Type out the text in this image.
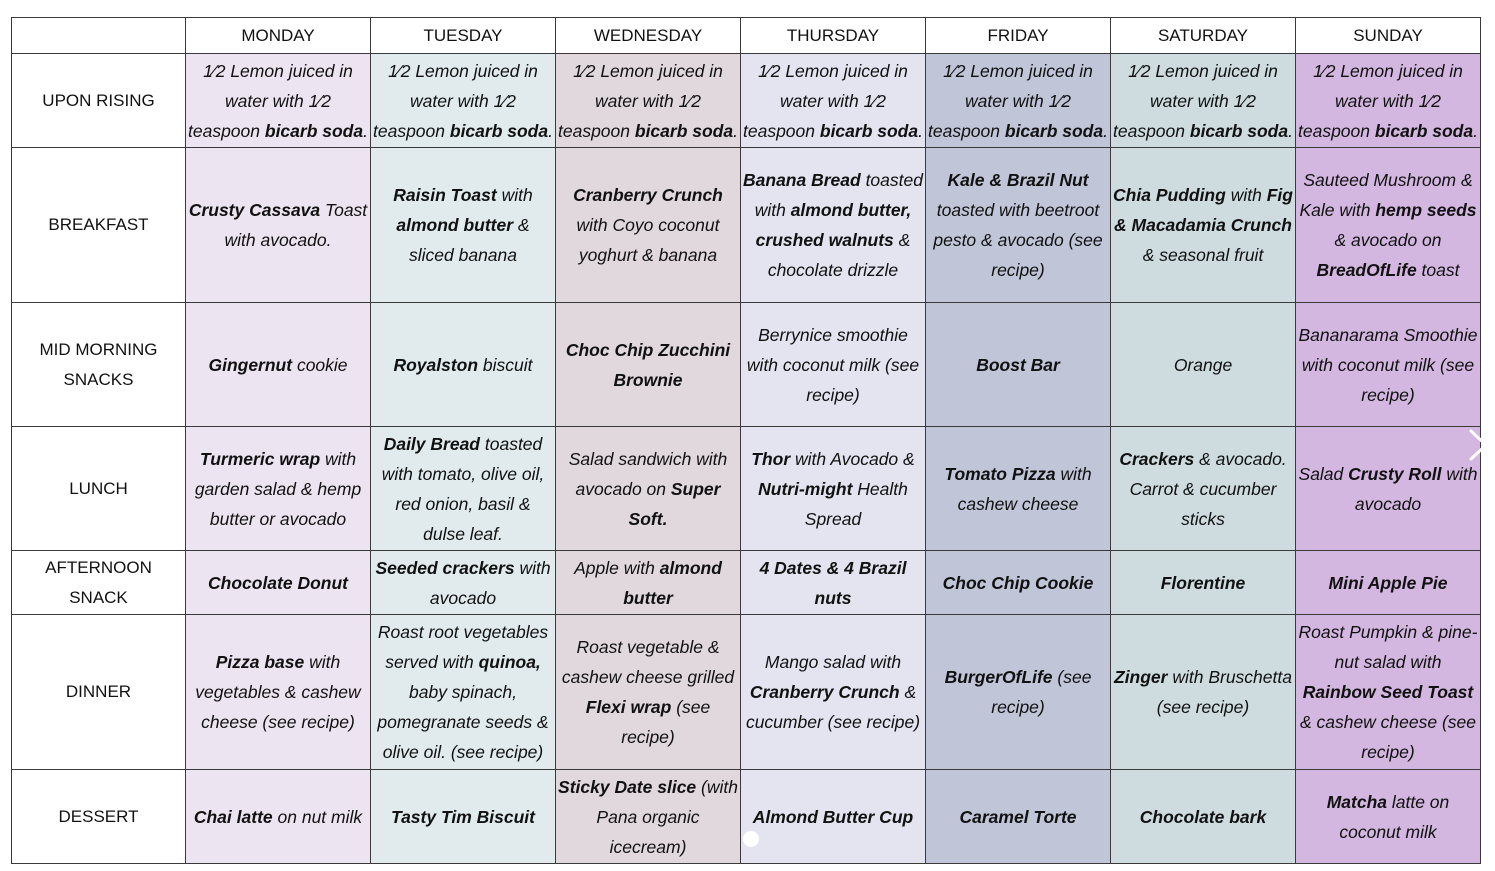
	MONDAY	TUESDAY	WEDNESDAY	THURSDAY	FRIDAY	SATURDAY	SUNDAY
UPON RISING	1⁄2 Lemon juiced in water with 1⁄2 teaspoon bicarb soda.	1⁄2 Lemon juiced in water with 1⁄2 teaspoon bicarb soda.	1⁄2 Lemon juiced in water with 1⁄2 teaspoon bicarb soda.	1⁄2 Lemon juiced in water with 1⁄2 teaspoon bicarb soda.	1⁄2 Lemon juiced in water with 1⁄2 teaspoon bicarb soda.	1⁄2 Lemon juiced in water with 1⁄2 teaspoon bicarb soda.	1⁄2 Lemon juiced in water with 1⁄2 teaspoon bicarb soda.
BREAKFAST	Crusty Cassava Toast with avocado.	Raisin Toast with almond butter & sliced banana	Cranberry Crunch with Coyo coconut yoghurt & banana	Banana Bread toasted with almond butter, crushed walnuts & chocolate drizzle	Kale & Brazil Nut toasted with beetroot pesto & avocado (see recipe)	Chia Pudding with Fig & Macadamia Crunch & seasonal fruit	Sauteed Mushroom & Kale with hemp seeds & avocado on BreadOfLife toast
MID MORNING SNACKS	Gingernut cookie	Royalston biscuit	Choc Chip Zucchini Brownie	Berrynice smoothie with coconut milk (see recipe)	Boost Bar	Orange	Bananarama Smoothie with coconut milk (see recipe)
LUNCH	Turmeric wrap with garden salad & hemp butter or avocado	Daily Bread toasted with tomato, olive oil, red onion, basil & dulse leaf.	Salad sandwich with avocado on Super Soft.	Thor with Avocado & Nutri-might Health Spread	Tomato Pizza with cashew cheese	Crackers & avocado. Carrot & cucumber sticks	Salad Crusty Roll with avocado
AFTERNOON SNACK	Chocolate Donut	Seeded crackers with avocado	Apple with almond butter	4 Dates & 4 Brazil nuts	Choc Chip Cookie	Florentine	Mini Apple Pie
DINNER	Pizza base with vegetables & cashew cheese (see recipe)	Roast root vegetables served with quinoa, baby spinach, pomegranate seeds & olive oil. (see recipe)	Roast vegetable & cashew cheese grilled Flexi wrap (see recipe)	Mango salad with Cranberry Crunch & cucumber (see recipe)	BurgerOfLife (see recipe)	Zinger with Bruschetta (see recipe)	Roast Pumpkin & pine-nut salad with Rainbow Seed Toast & cashew cheese (see recipe)
DESSERT	Chai latte on nut milk	Tasty Tim Biscuit	Sticky Date slice (with Pana organic icecream)	Almond Butter Cup	Caramel Torte	Chocolate bark	Matcha latte on coconut milk
